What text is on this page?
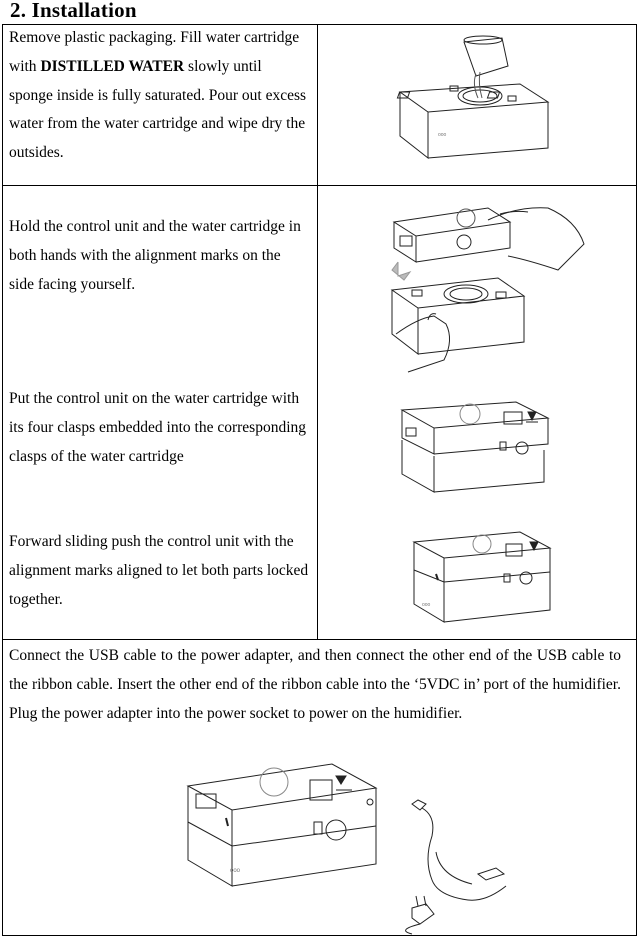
2. Installation
Remove plastic packaging. Fill water cartridge with DISTILLED WATER slowly until sponge inside is fully saturated. Pour out excess water from the water cartridge and wipe dry the outsides.
Hold the control unit and the water cartridge in both hands with the alignment marks on the side facing yourself.
Put the control unit on the water cartridge with its four clasps embedded into the corresponding clasps of the water cartridge
Forward sliding push the control unit with the alignment marks aligned to let both parts locked together.
Connect the USB cable to the power adapter, and then connect the other end of the USB cable to the ribbon cable. Insert the other end of the ribbon cable into the ‘5VDC in’ port of the humidifier. Plug the power adapter into the power socket to power on the humidifier.
ooo
ooo
ooo
